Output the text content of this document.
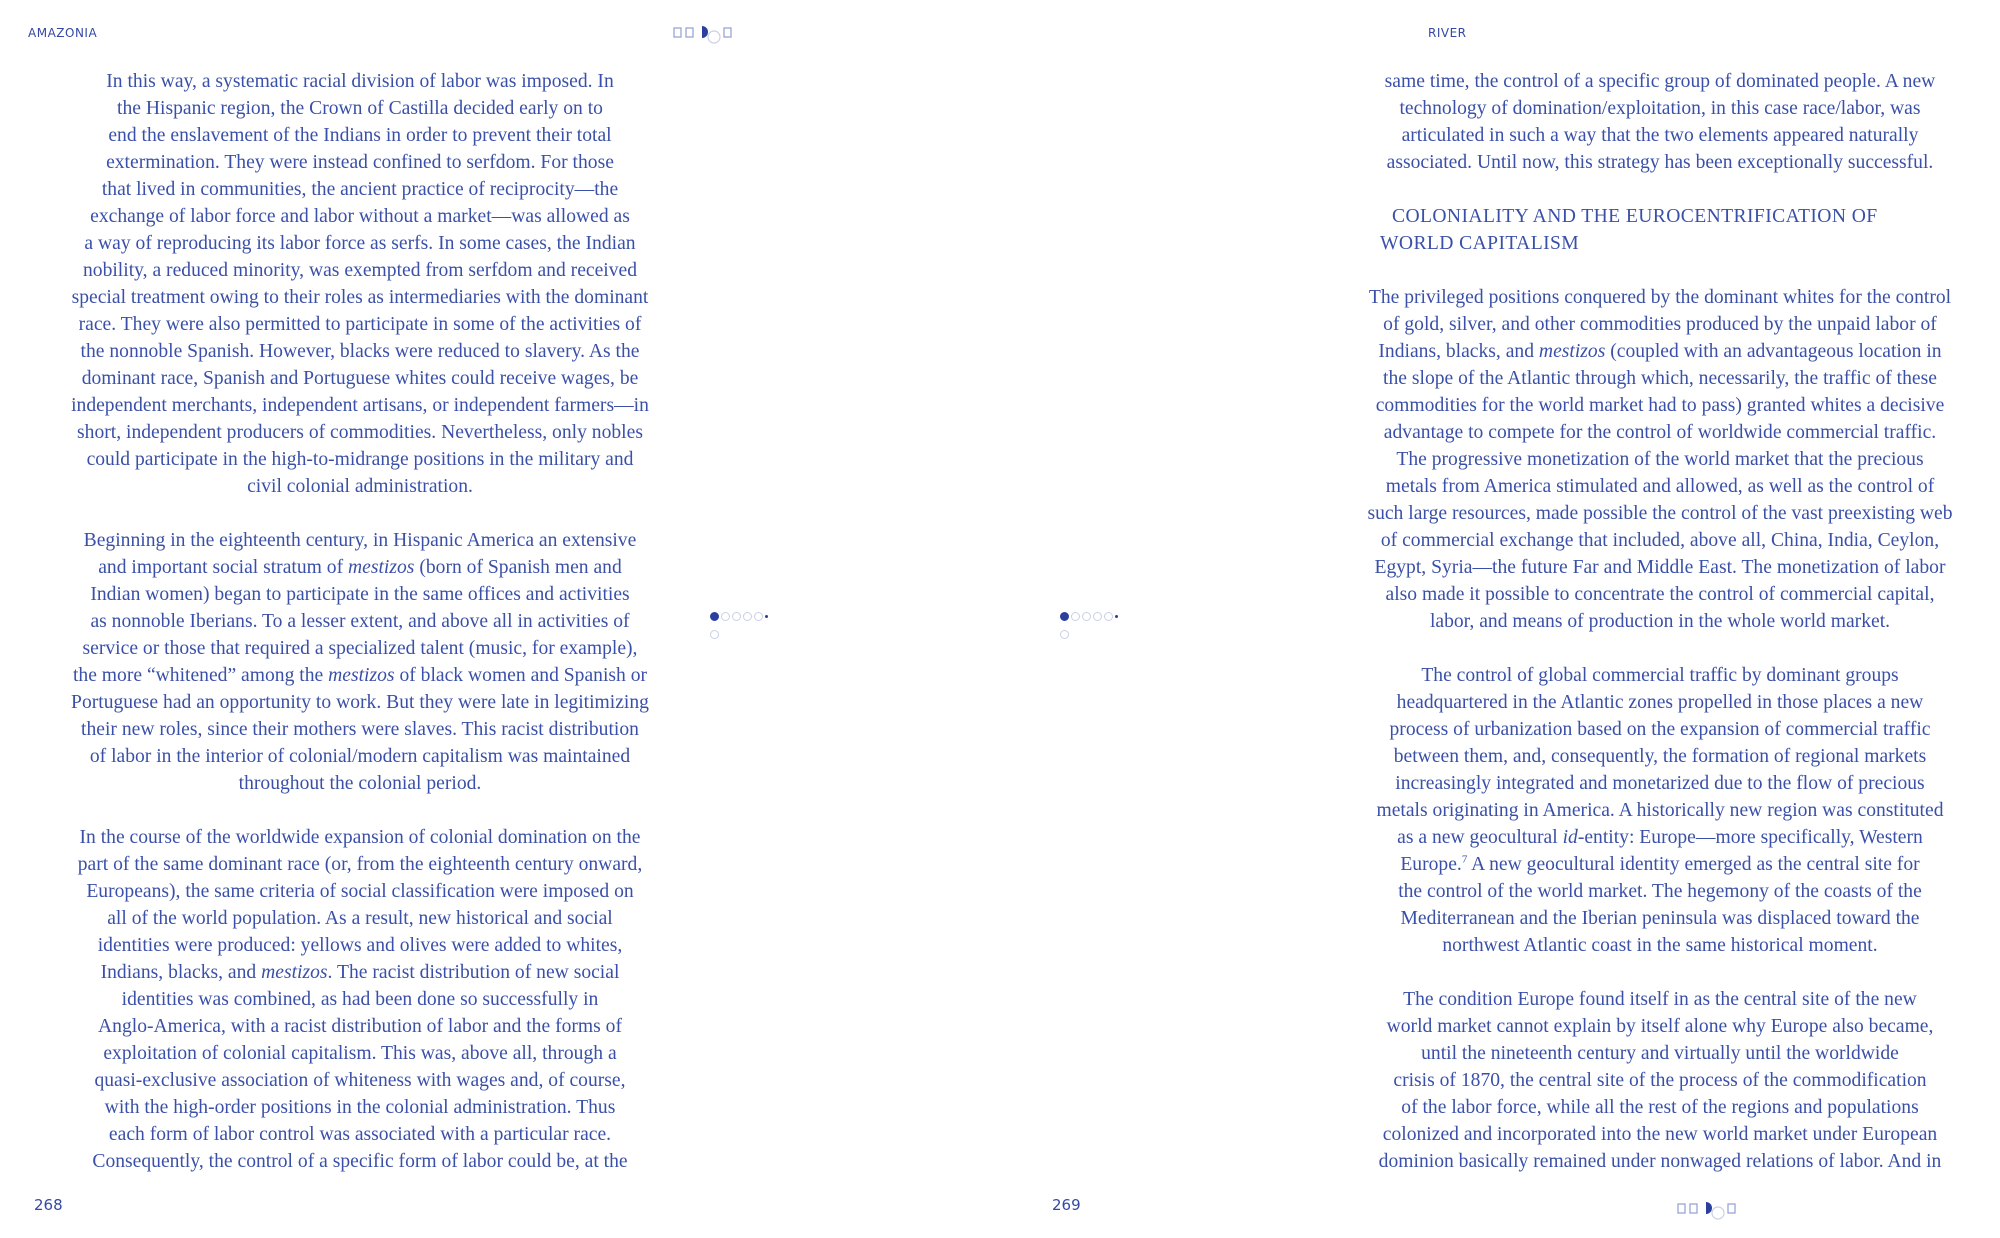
AMAZONIA	RIVER
In this way, a systematic racial division of labor was imposed. In
the Hispanic region, the Crown of Castilla decided early on to
end the enslavement of the Indians in order to prevent their total
extermination. They were instead confined to serfdom. For those
that lived in communities, the ancient practice of reciprocity—the
exchange of labor force and labor without a market—was allowed as
a way of reproducing its labor force as serfs. In some cases, the Indian
nobility, a reduced minority, was exempted from serfdom and received
special treatment owing to their roles as intermediaries with the dominant
race. They were also permitted to participate in some of the activities of
the nonnoble Spanish. However, blacks were reduced to slavery. As the
dominant race, Spanish and Portuguese whites could receive wages, be
independent merchants, independent artisans, or independent farmers—in
short, independent producers of commodities. Nevertheless, only nobles
could participate in the high-to-midrange positions in the military and
civil colonial administration.
Beginning in the eighteenth century, in Hispanic America an extensive
and important social stratum of mestizos (born of Spanish men and
Indian women) began to participate in the same offices and activities
as nonnoble Iberians. To a lesser extent, and above all in activities of
service or those that required a specialized talent (music, for example),
the more “whitened” among the mestizos of black women and Spanish or
Portuguese had an opportunity to work. But they were late in legitimizing
their new roles, since their mothers were slaves. This racist distribution
of labor in the interior of colonial/modern capitalism was maintained
throughout the colonial period.
In the course of the worldwide expansion of colonial domination on the
part of the same dominant race (or, from the eighteenth century onward,
Europeans), the same criteria of social classification were imposed on
all of the world population. As a result, new historical and social
identities were produced: yellows and olives were added to whites,
Indians, blacks, and mestizos. The racist distribution of new social
identities was combined, as had been done so successfully in
Anglo-America, with a racist distribution of labor and the forms of
exploitation of colonial capitalism. This was, above all, through a
quasi-exclusive association of whiteness with wages and, of course,
with the high-order positions in the colonial administration. Thus
each form of labor control was associated with a particular race.
Consequently, the control of a specific form of labor could be, at the
same time, the control of a specific group of dominated people. A new
technology of domination/exploitation, in this case race/labor, was
articulated in such a way that the two elements appeared naturally
associated. Until now, this strategy has been exceptionally successful.
COLONIALITY AND THE EUROCENTRIFICATION OF
WORLD CAPITALISM
The privileged positions conquered by the dominant whites for the control
of gold, silver, and other commodities produced by the unpaid labor of
Indians, blacks, and mestizos (coupled with an advantageous location in
the slope of the Atlantic through which, necessarily, the traffic of these
commodities for the world market had to pass) granted whites a decisive
advantage to compete for the control of worldwide commercial traffic.
The progressive monetization of the world market that the precious
metals from America stimulated and allowed, as well as the control of
such large resources, made possible the control of the vast preexisting web
of commercial exchange that included, above all, China, India, Ceylon,
Egypt, Syria—the future Far and Middle East. The monetization of labor
also made it possible to concentrate the control of commercial capital,
labor, and means of production in the whole world market.
The control of global commercial traffic by dominant groups
headquartered in the Atlantic zones propelled in those places a new
process of urbanization based on the expansion of commercial traffic
between them, and, consequently, the formation of regional markets
increasingly integrated and monetarized due to the flow of precious
metals originating in America. A historically new region was constituted
as a new geocultural id-entity: Europe—more specifically, Western
Europe.$^7$ A new geocultural identity emerged as the central site for
the control of the world market. The hegemony of the coasts of the
Mediterranean and the Iberian peninsula was displaced toward the
northwest Atlantic coast in the same historical moment.
The condition Europe found itself in as the central site of the new
world market cannot explain by itself alone why Europe also became,
until the nineteenth century and virtually until the worldwide
crisis of 1870, the central site of the process of the commodification
of the labor force, while all the rest of the regions and populations
colonized and incorporated into the new world market under European
dominion basically remained under nonwaged relations of labor. And in
268	269
